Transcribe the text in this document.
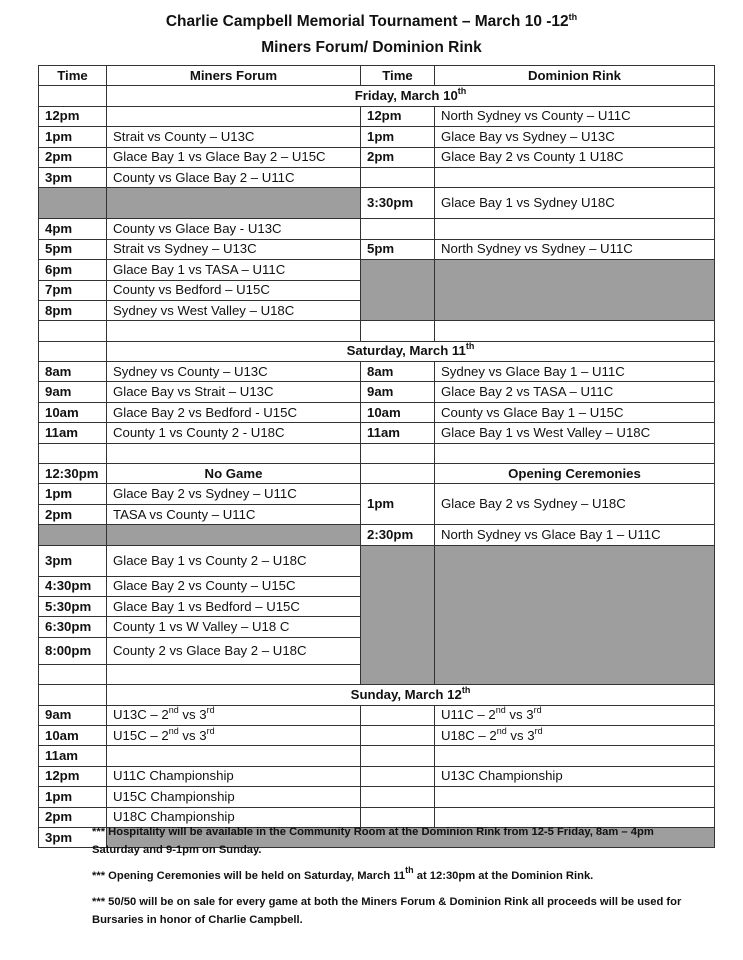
Charlie Campbell Memorial Tournament – March 10 -12th
Miners Forum/ Dominion Rink
Time	Miners Forum	Time	Dominion Rink
	Friday, March 10th
12pm		12pm	North Sydney vs County – U11C
1pm	Strait vs County – U13C	1pm	Glace Bay vs Sydney – U13C
2pm	Glace Bay 1 vs Glace Bay 2 – U15C	2pm	Glace Bay 2 vs County 1 U18C
3pm	County vs Glace Bay 2 – U11C		
		3:30pm	Glace Bay 1 vs Sydney U18C
4pm	County vs Glace Bay - U13C		
5pm	Strait vs Sydney – U13C	5pm	North Sydney vs Sydney – U11C
6pm	Glace Bay 1 vs TASA – U11C		
7pm	County vs Bedford – U15C		
8pm	Sydney vs West Valley – U18C		

	Saturday, March 11th
8am	Sydney vs County – U13C	8am	Sydney vs Glace Bay 1 – U11C
9am	Glace Bay vs Strait – U13C	9am	Glace Bay 2 vs TASA – U11C
10am	Glace Bay 2 vs Bedford - U15C	10am	County vs Glace Bay 1 – U15C
11am	County 1 vs County 2 - U18C	11am	Glace Bay 1 vs West Valley – U18C

12:30pm	No Game		Opening Ceremonies
1pm	Glace Bay 2 vs Sydney – U11C	1pm	Glace Bay 2 vs Sydney – U18C
2pm	TASA vs County – U11C		
		2:30pm	North Sydney vs Glace Bay 1 – U11C
3pm	Glace Bay 1 vs County 2 – U18C		
4:30pm	Glace Bay 2 vs County – U15C		
5:30pm	Glace Bay 1 vs Bedford – U15C		
6:30pm	County 1 vs W Valley – U18 C		
8:00pm	County 2 vs Glace Bay 2 – U18C		

	Sunday, March 12th
9am	U13C – 2nd vs 3rd		U11C – 2nd vs 3rd
10am	U15C – 2nd vs 3rd		U18C – 2nd vs 3rd
11am			
12pm	U11C Championship		U13C Championship
1pm	U15C Championship		
2pm	U18C Championship		
3pm			*** Hospitality will be available in the Community Room at the Dominion Rink from 12-5 Friday, 8am – 4pm Saturday and 9-1pm on Sunday.

*** Opening Ceremonies will be held on Saturday, March 11th at 12:30pm at the Dominion Rink.

*** 50/50 will be on sale for every game at both the Miners Forum & Dominion Rink all proceeds will be used for Bursaries in honor of Charlie Campbell.
